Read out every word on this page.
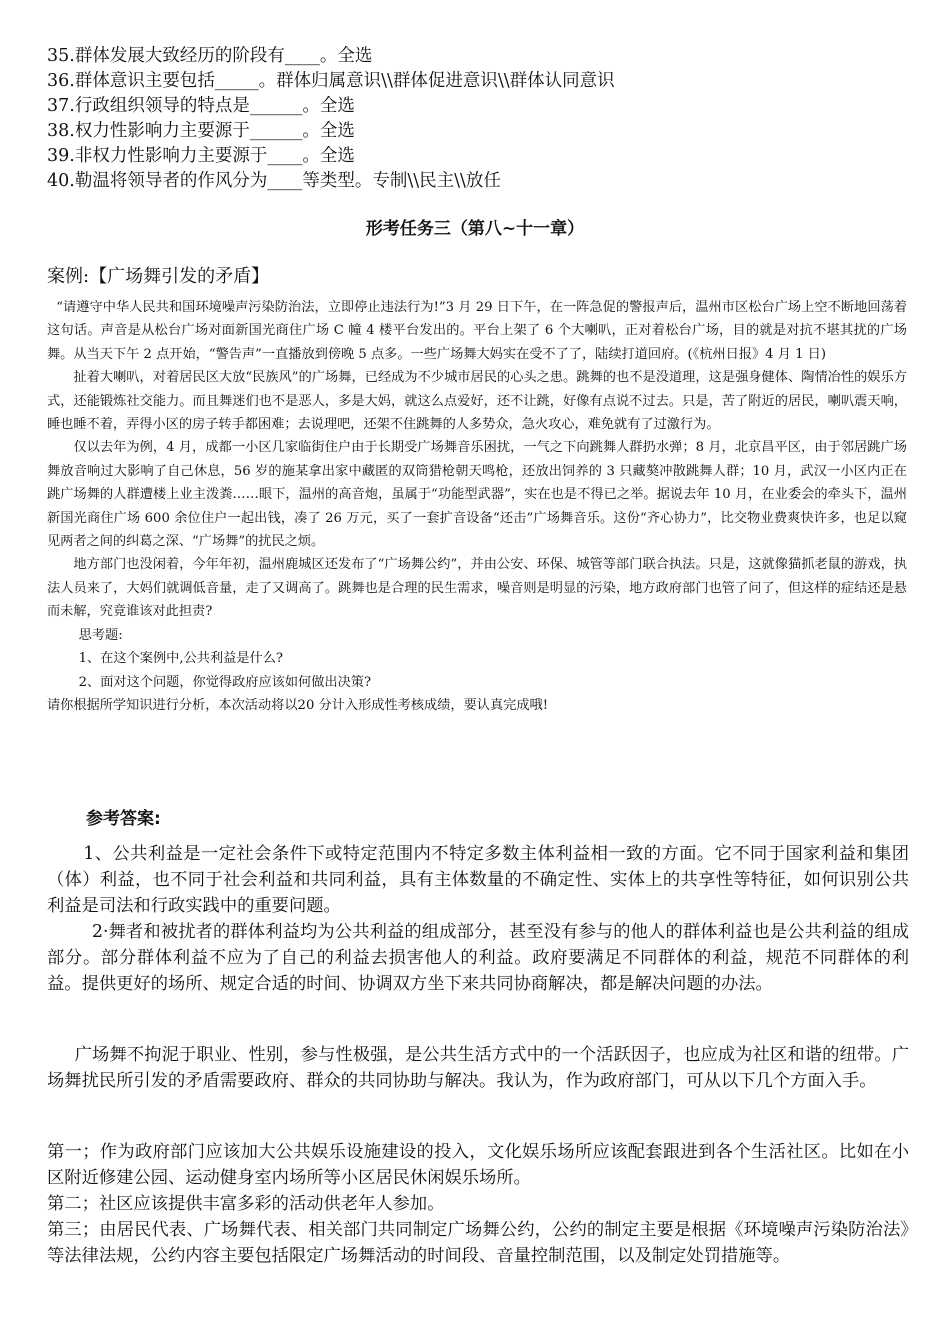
35.群体发展大致经历的阶段有____。全选
36.群体意识主要包括_____。群体归属意识\\群体促进意识\\群体认同意识
37.行政组织领导的特点是______。全选
38.权力性影响力主要源于______。全选
39.非权力性影响力主要源于____。全选
40.勒温将领导者的作风分为____等类型。专制\\民主\\放任
形考任务三（第八~十一章）
案例:【广场舞引发的矛盾】

“请遵守中华人民共和国环境噪声污染防治法，立即停止违法行为!”3 月 29 日下午，在一阵急促的警报声后，温州市区松台广场上空不断地回荡着这句话。声音是从松台广场对面新国光商住广场 C 幢 4 楼平台发出的。平台上架了 6 个大喇叭，正对着松台广场，目的就是对抗不堪其扰的广场舞。从当天下午 2 点开始，“警告声”一直播放到傍晚 5 点多。一些广场舞大妈实在受不了了，陆续打道回府。(《杭州日报》4 月 1 日)

扯着大喇叭，对着居民区大放“民族风”的广场舞，已经成为不少城市居民的心头之患。跳舞的也不是没道理，这是强身健体、陶情冶性的娱乐方式，还能锻炼社交能力。而且舞迷们也不是恶人，多是大妈，就这么点爱好，还不让跳，好像有点说不过去。只是，苦了附近的居民，喇叭震天响，睡也睡不着，弄得小区的房子转手都困难；去说理吧，还架不住跳舞的人多势众，急火攻心，难免就有了过激行为。

仅以去年为例，4 月，成都一小区几家临街住户由于长期受广场舞音乐困扰，一气之下向跳舞人群扔水弹；8 月，北京昌平区，由于邻居跳广场舞放音响过大影响了自己休息，56 岁的施某拿出家中藏匿的双筒猎枪朝天鸣枪，还放出饲养的 3 只藏獒冲散跳舞人群；10 月，武汉一小区内正在跳广场舞的人群遭楼上业主泼粪……眼下，温州的高音炮，虽属于“功能型武器”，实在也是不得已之举。据说去年 10 月，在业委会的牵头下，温州新国光商住广场 600 余位住户一起出钱，凑了 26 万元，买了一套扩音设备“还击”广场舞音乐。这份“齐心协力”，比交物业费爽快许多，也足以窥见两者之间的纠葛之深、“广场舞”的扰民之烦。

地方部门也没闲着，今年年初，温州鹿城区还发布了“广场舞公约”，并由公安、环保、城管等部门联合执法。只是，这就像猫抓老鼠的游戏，执法人员来了，大妈们就调低音量，走了又调高了。跳舞也是合理的民生需求，噪音则是明显的污染，地方政府部门也管了问了，但这样的症结还是悬而未解，究竟谁该对此担责?

思考题:

1、在这个案例中,公共利益是什么?

2、面对这个问题，你觉得政府应该如何做出决策?

请你根据所学知识进行分析，本次活动将以20 分计入形成性考核成绩，要认真完成哦!

参考答案:

1、公共利益是一定社会条件下或特定范围内不特定多数主体利益相一致的方面。它不同于国家利益和集团（体）利益，也不同于社会利益和共同利益，具有主体数量的不确定性、实体上的共享性等特征，如何识别公共利益是司法和行政实践中的重要问题。

2·舞者和被扰者的群体利益均为公共利益的组成部分，甚至没有参与的他人的群体利益也是公共利益的组成部分。部分群体利益不应为了自己的利益去损害他人的利益。政府要满足不同群体的利益，规范不同群体的利益。提供更好的场所、规定合适的时间、协调双方坐下来共同协商解决，都是解决问题的办法。

广场舞不拘泥于职业、性别，参与性极强，是公共生活方式中的一个活跃因子，也应成为社区和谐的纽带。广场舞扰民所引发的矛盾需要政府、群众的共同协助与解决。我认为，作为政府部门，可从以下几个方面入手。

第一；作为政府部门应该加大公共娱乐设施建设的投入，文化娱乐场所应该配套跟进到各个生活社区。比如在小区附近修建公园、运动健身室内场所等小区居民休闲娱乐场所。

第二；社区应该提供丰富多彩的活动供老年人参加。

第三；由居民代表、广场舞代表、相关部门共同制定广场舞公约，公约的制定主要是根据《环境噪声污染防治法》等法律法规，公约内容主要包括限定广场舞活动的时间段、音量控制范围，以及制定处罚措施等。
